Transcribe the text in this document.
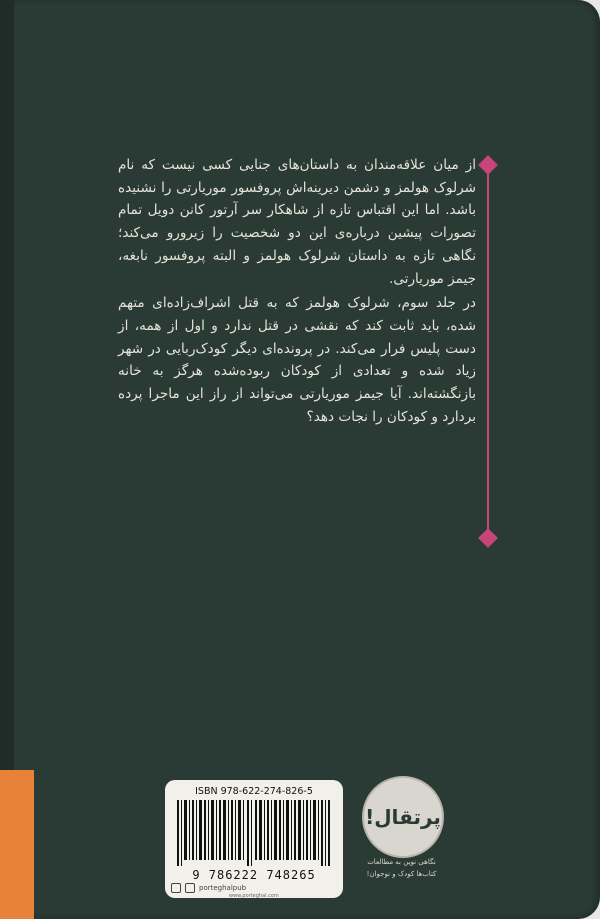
از میان علاقه‌مندان به داستان‌های جنایی کسی نیست که نام شرلوک هولمز و دشمن دیرینه‌اش پروفسور موریارتی را نشنیده باشد. اما این اقتباس تازه از شاهکار سر آرتور کانن دویل تمام تصورات پیشین درباره‌ی این دو شخصیت را زیرورو می‌کند؛ نگاهی تازه به داستان شرلوک هولمز و البته پروفسور نابغه، جیمز موریارتی.

در جلد سوم، شرلوک هولمز که به قتل اشراف‌زاده‌ای متهم شده، باید ثابت کند که نقشی در قتل ندارد و اول از همه، از دست پلیس فرار می‌کند. در پرونده‌ای دیگر کودک‌ربایی در شهر زیاد شده و تعدادی از کودکان ربوده‌شده هرگز به خانه بازنگشته‌اند. آیا جیمز موریارتی می‌تواند از راز این ماجرا پرده بردارد و کودکان را نجات دهد؟

ISBN 978-622-274-826-5
9 786222 748265
porteghalpub
www.porteghal.com
پرتقال!
نگاهی نوین به مطالعات
کتاب‌ها کودک و نوجوان!
